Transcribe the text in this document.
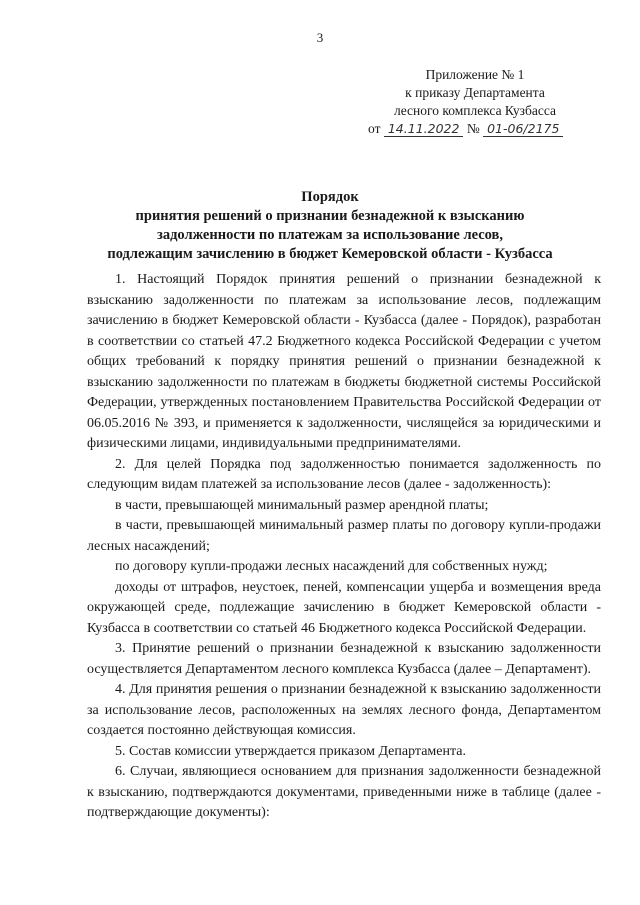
3
Приложение № 1
к приказу Департамента
лесного комплекса Кузбасса
от 14.11.2022 № 01-06/2175
Порядок
принятия решений о признании безнадежной к взысканию
задолженности по платежам за использование лесов,
подлежащим зачислению в бюджет Кемеровской области - Кузбасса

1. Настоящий Порядок принятия решений о признании безнадежной к взысканию задолженности по платежам за использование лесов, подлежащим зачислению в бюджет Кемеровской области - Кузбасса (далее - Порядок), разработан в соответствии со статьей 47.2 Бюджетного кодекса Российской Федерации с учетом общих требований к порядку принятия решений о признании безнадежной к взысканию задолженности по платежам в бюджеты бюджетной системы Российской Федерации, утвержденных постановлением Правительства Российской Федерации от 06.05.2016 № 393, и применяется к задолженности, числящейся за юридическими и физическими лицами, индивидуальными предпринимателями.

2. Для целей Порядка под задолженностью понимается задолженность по следующим видам платежей за использование лесов (далее - задолженность):

в части, превышающей минимальный размер арендной платы;

в части, превышающей минимальный размер платы по договору купли-продажи лесных насаждений;

по договору купли-продажи лесных насаждений для собственных нужд;

доходы от штрафов, неустоек, пеней, компенсации ущерба и возмещения вреда окружающей среде, подлежащие зачислению в бюджет Кемеровской области - Кузбасса в соответствии со статьей 46 Бюджетного кодекса Российской Федерации.

3. Принятие решений о признании безнадежной к взысканию задолженности осуществляется Департаментом лесного комплекса Кузбасса (далее – Департамент).

4. Для принятия решения о признании безнадежной к взысканию задолженности за использование лесов, расположенных на землях лесного фонда, Департаментом создается постоянно действующая комиссия.

5. Состав комиссии утверждается приказом Департамента.

6. Случаи, являющиеся основанием для признания задолженности безнадежной к взысканию, подтверждаются документами, приведенными ниже в таблице (далее - подтверждающие документы):
